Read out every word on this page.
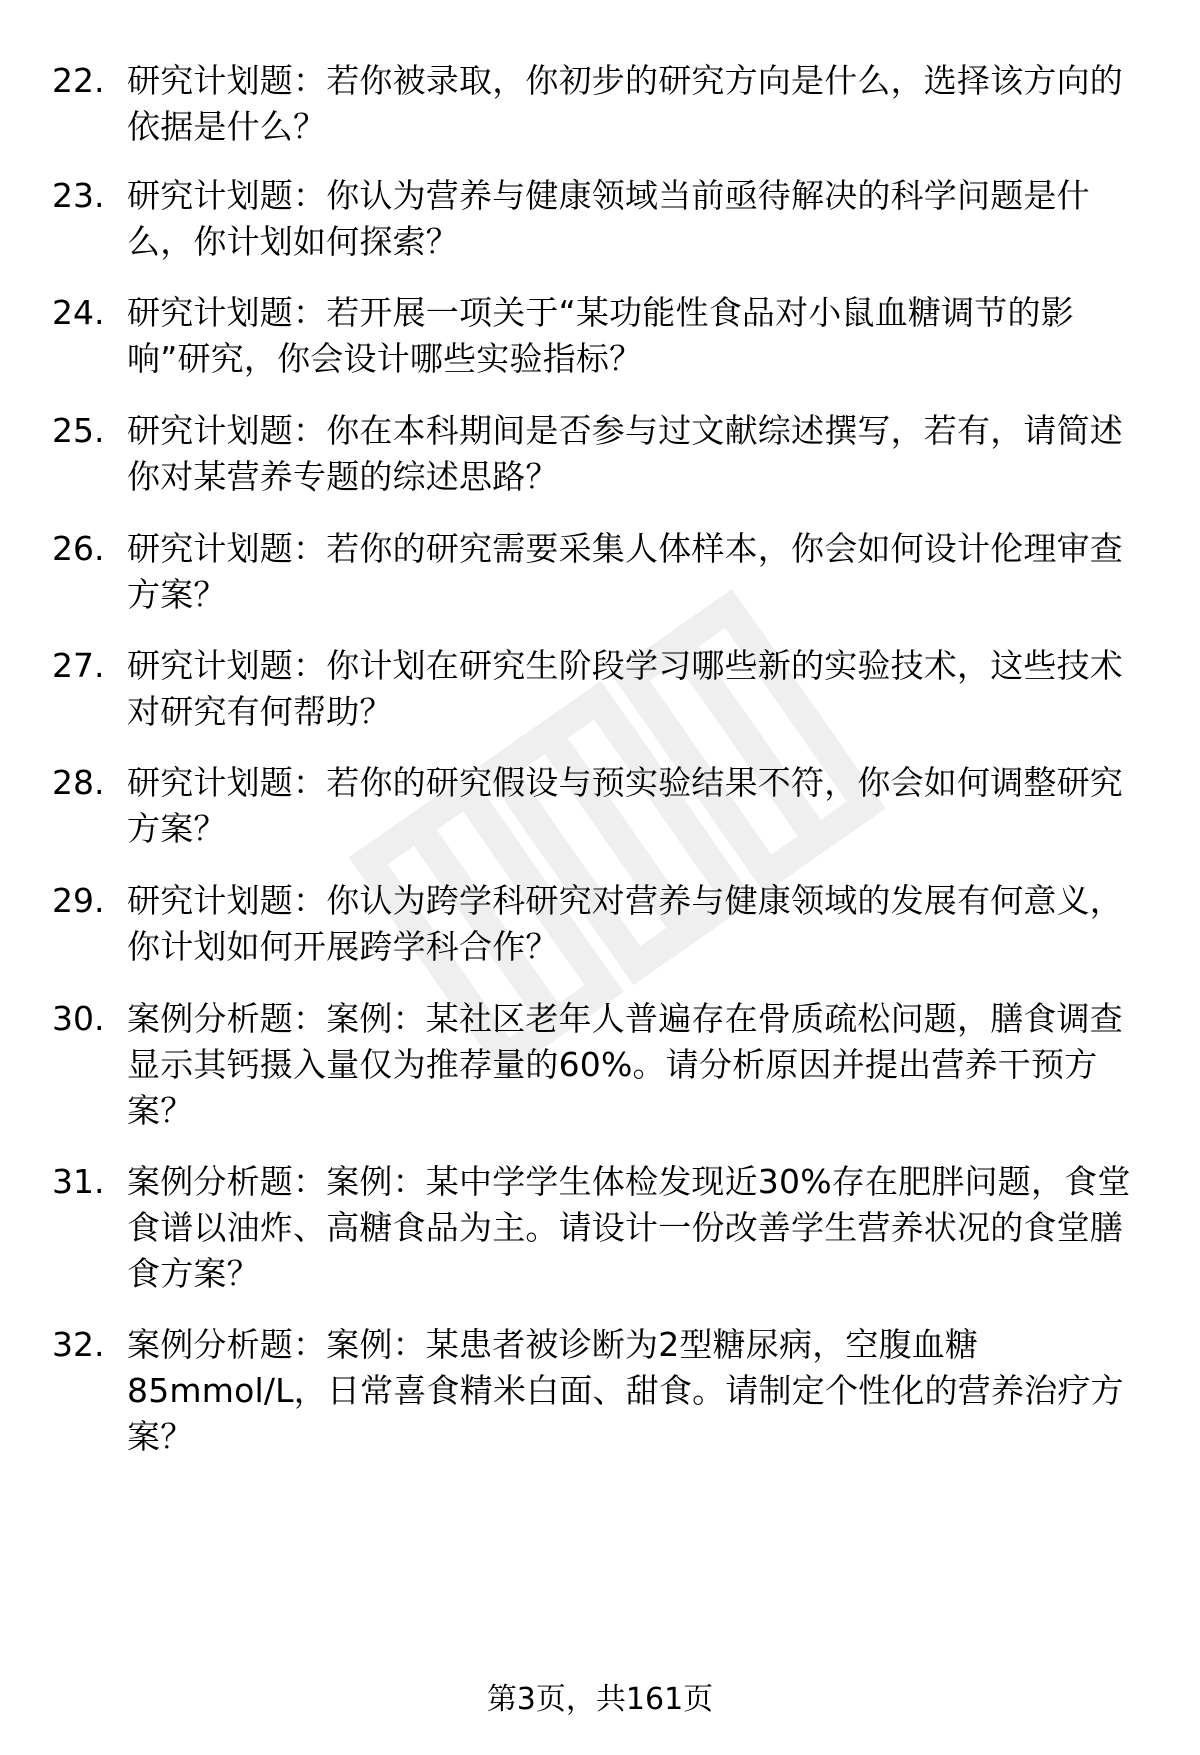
22. 研究计划题：若你被录取，你初步的研究方向是什么，选择该方向的依据是什么？
23. 研究计划题：你认为营养与健康领域当前亟待解决的科学问题是什么，你计划如何探索？
24. 研究计划题：若开展一项关于“某功能性食品对小鼠血糖调节的影响”研究，你会设计哪些实验指标？
25. 研究计划题：你在本科期间是否参与过文献综述撰写，若有，请简述你对某营养专题的综述思路？
26. 研究计划题：若你的研究需要采集人体样本，你会如何设计伦理审查方案？
27. 研究计划题：你计划在研究生阶段学习哪些新的实验技术，这些技术对研究有何帮助？
28. 研究计划题：若你的研究假设与预实验结果不符，你会如何调整研究方案？
29. 研究计划题：你认为跨学科研究对营养与健康领域的发展有何意义，你计划如何开展跨学科合作？
30. 案例分析题：案例：某社区老年人普遍存在骨质疏松问题，膳食调查显示其钙摄入量仅为推荐量的60%。请分析原因并提出营养干预方案？
31. 案例分析题：案例：某中学学生体检发现近30%存在肥胖问题，食堂食谱以油炸、高糖食品为主。请设计一份改善学生营养状况的食堂膳食方案？
32. 案例分析题：案例：某患者被诊断为2型糖尿病，空腹血糖85mmol/L，日常喜食精米白面、甜食。请制定个性化的营养治疗方案？
第3页，共161页
